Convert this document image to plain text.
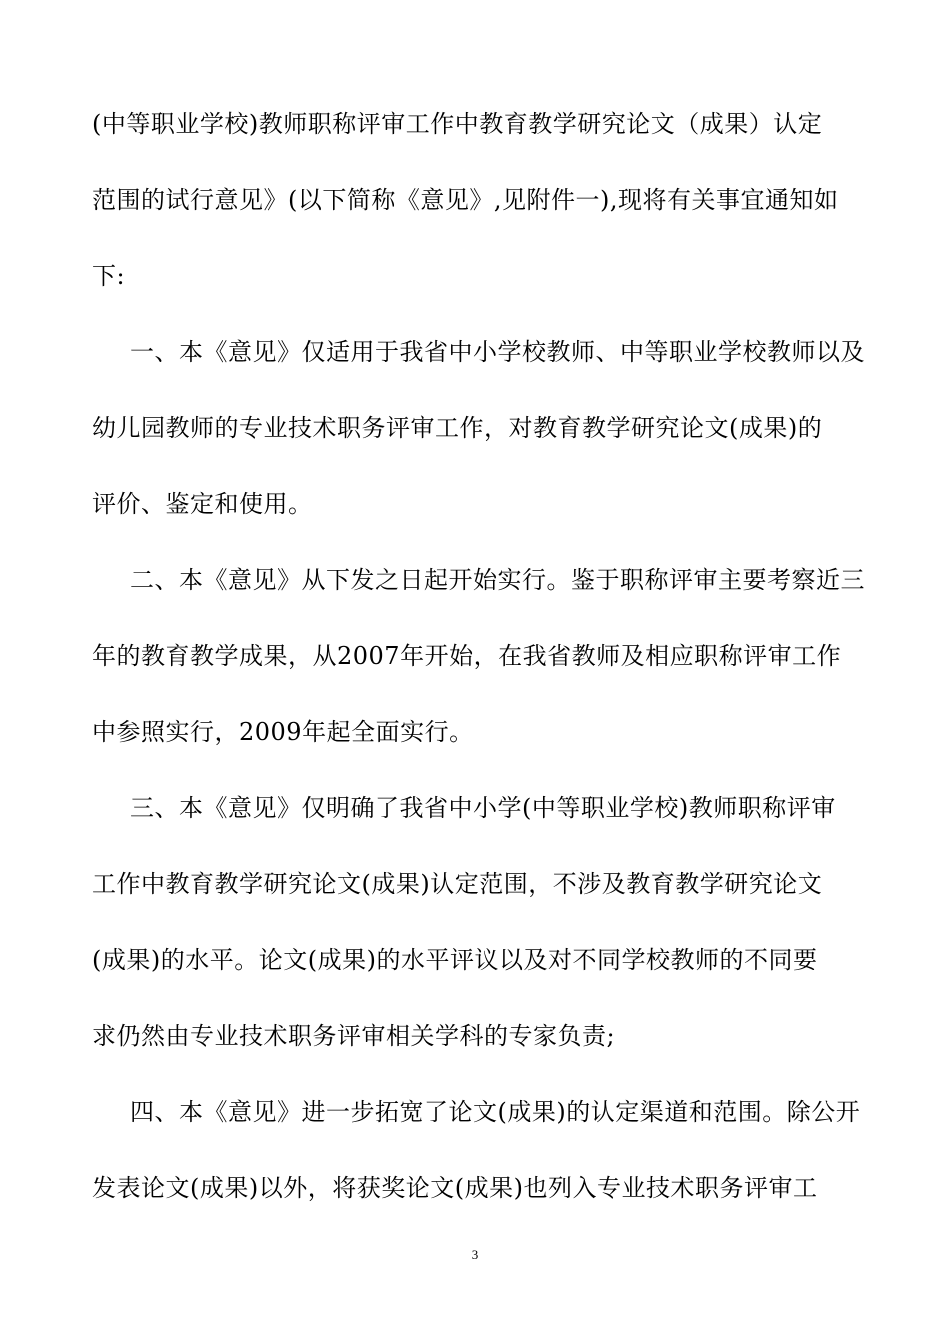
(中等职业学校)教师职称评审工作中教育教学研究论文（成果）认定
范围的试行意见》(以下简称《意见》,见附件一),现将有关事宜通知如
下:
一、本《意见》仅适用于我省中小学校教师、中等职业学校教师以及
幼儿园教师的专业技术职务评审工作，对教育教学研究论文(成果)的
评价、鉴定和使用。
二、本《意见》从下发之日起开始实行。鉴于职称评审主要考察近三
年的教育教学成果，从2007年开始，在我省教师及相应职称评审工作
中参照实行，2009年起全面实行。
三、本《意见》仅明确了我省中小学(中等职业学校)教师职称评审
工作中教育教学研究论文(成果)认定范围，不涉及教育教学研究论文
(成果)的水平。论文(成果)的水平评议以及对不同学校教师的不同要
求仍然由专业技术职务评审相关学科的专家负责;
四、本《意见》进一步拓宽了论文(成果)的认定渠道和范围。除公开
发表论文(成果)以外，将获奖论文(成果)也列入专业技术职务评审工
3
